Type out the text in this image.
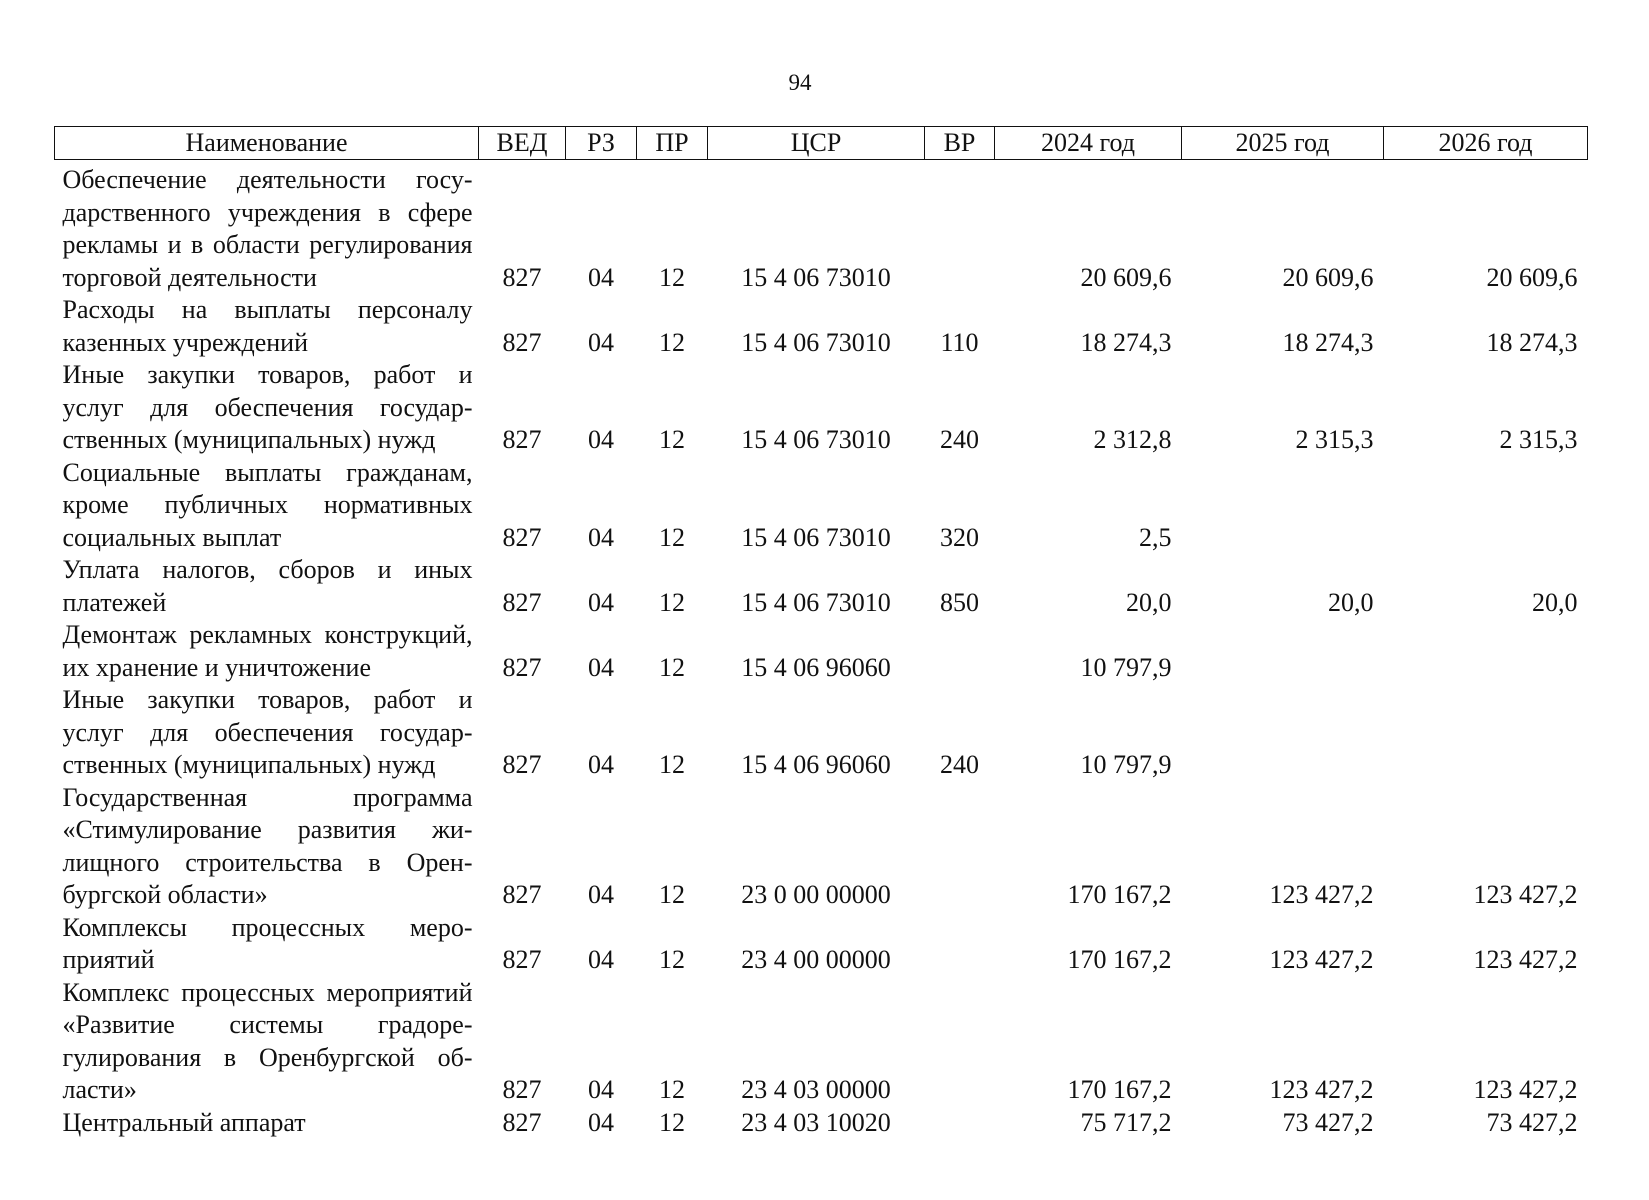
94
Наименование	ВЕД	РЗ	ПР	ЦСР	ВР	2024 год	2025 год	2026 год

Обеспечение деятельности государственного учреждения в сфере рекламы и в области регулирования торговой деятельности	827	04	12	15 4 06 73010		20 609,6	20 609,6	20 609,6
Расходы на выплаты персоналу казенных учреждений	827	04	12	15 4 06 73010	110	18 274,3	18 274,3	18 274,3
Иные закупки товаров, работ и услуг для обеспечения государственных (муниципальных) нужд	827	04	12	15 4 06 73010	240	2 312,8	2 315,3	2 315,3
Социальные выплаты гражданам, кроме публичных нормативных социальных выплат	827	04	12	15 4 06 73010	320	2,5		
Уплата налогов, сборов и иных платежей	827	04	12	15 4 06 73010	850	20,0	20,0	20,0
Демонтаж рекламных конструкций, их хранение и уничтожение	827	04	12	15 4 06 96060		10 797,9		
Иные закупки товаров, работ и услуг для обеспечения государственных (муниципальных) нужд	827	04	12	15 4 06 96060	240	10 797,9		
Государственная программа «Стимулирование развития жилищного строительства в Оренбургской области»	827	04	12	23 0 00 00000		170 167,2	123 427,2	123 427,2
Комплексы процессных мероприятий	827	04	12	23 4 00 00000		170 167,2	123 427,2	123 427,2
Комплекс процессных мероприятий «Развитие системы градорегулирования в Оренбургской области»	827	04	12	23 4 03 00000		170 167,2	123 427,2	123 427,2
Центральный аппарат	827	04	12	23 4 03 10020		75 717,2	73 427,2	73 427,2
